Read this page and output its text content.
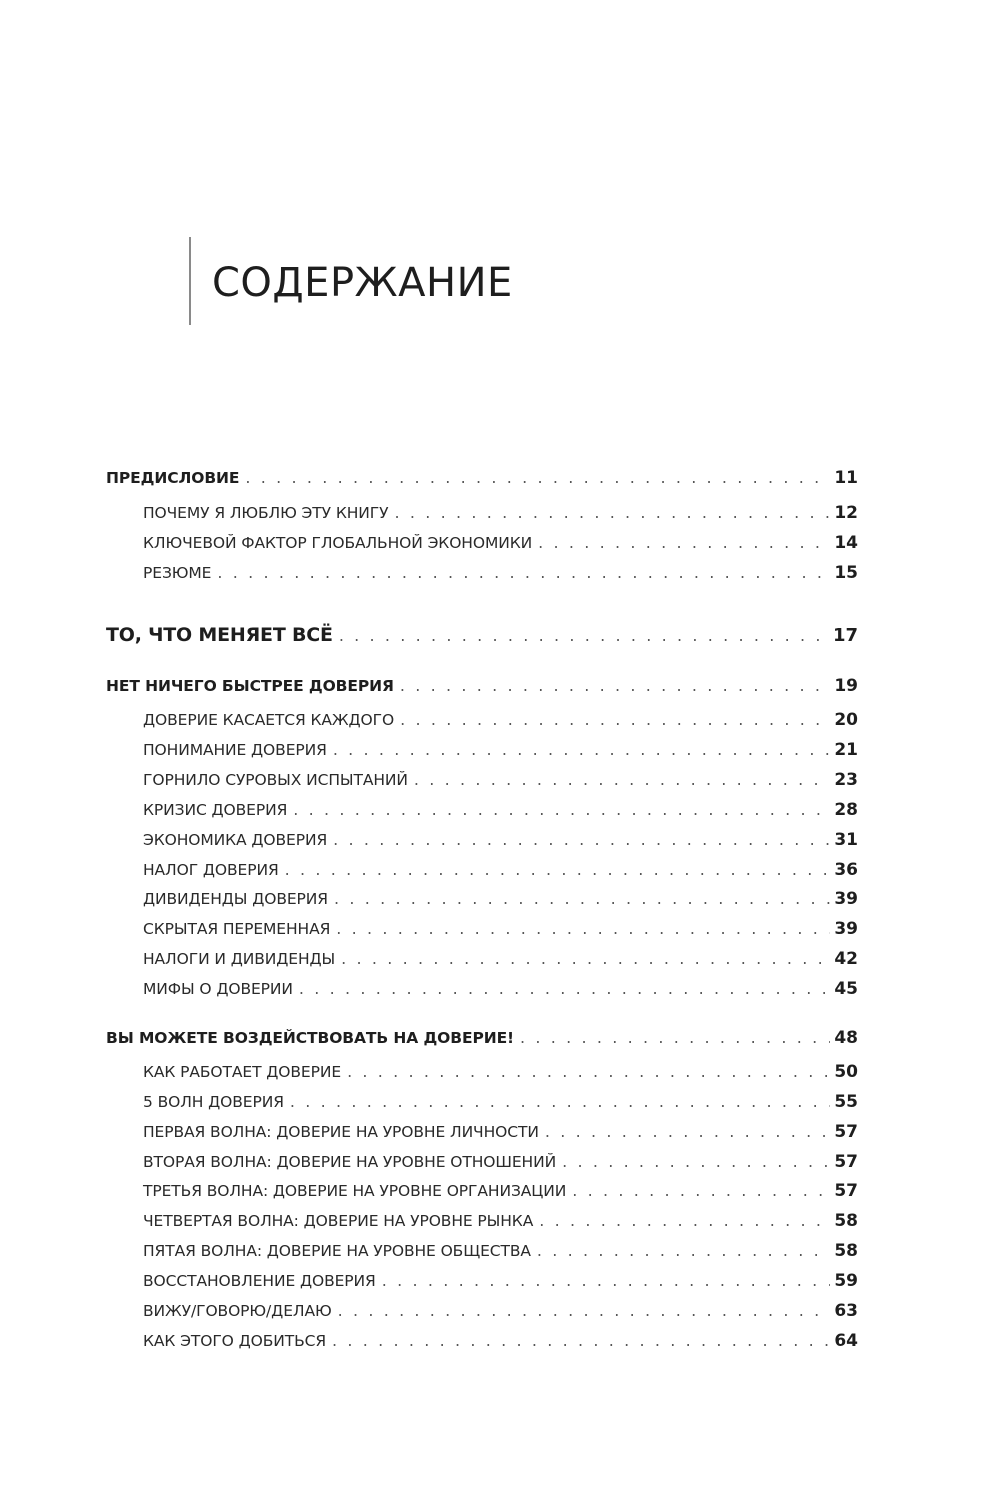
СОДЕРЖАНИЕ
ПРЕДИСЛОВИЕ . . .	11
ПОЧЕМУ Я ЛЮБЛЮ ЭТУ КНИГУ . . .	12
КЛЮЧЕВОЙ ФАКТОР ГЛОБАЛЬНОЙ ЭКОНОМИКИ . . .	14
РЕЗЮМЕ . . .	15
ТО, ЧТО МЕНЯЕТ ВСЁ . . .	17
НЕТ НИЧЕГО БЫСТРЕЕ ДОВЕРИЯ . . .	19
ДОВЕРИЕ КАСАЕТСЯ КАЖДОГО . . .	20
ПОНИМАНИЕ ДОВЕРИЯ . . .	21
ГОРНИЛО СУРОВЫХ ИСПЫТАНИЙ . . .	23
КРИЗИС ДОВЕРИЯ . . .	28
ЭКОНОМИКА ДОВЕРИЯ . . .	31
НАЛОГ ДОВЕРИЯ . . .	36
ДИВИДЕНДЫ ДОВЕРИЯ . . .	39
СКРЫТАЯ ПЕРЕМЕННАЯ . . .	39
НАЛОГИ И ДИВИДЕНДЫ . . .	42
МИФЫ О ДОВЕРИИ . . .	45
ВЫ МОЖЕТЕ ВОЗДЕЙСТВОВАТЬ НА ДОВЕРИЕ! . . .	48
КАК РАБОТАЕТ ДОВЕРИЕ . . .	50
5 ВОЛН ДОВЕРИЯ . . .	55
ПЕРВАЯ ВОЛНА: ДОВЕРИЕ НА УРОВНЕ ЛИЧНОСТИ . . .	57
ВТОРАЯ ВОЛНА: ДОВЕРИЕ НА УРОВНЕ ОТНОШЕНИЙ . . .	57
ТРЕТЬЯ ВОЛНА: ДОВЕРИЕ НА УРОВНЕ ОРГАНИЗАЦИИ . . .	57
ЧЕТВЕРТАЯ ВОЛНА: ДОВЕРИЕ НА УРОВНЕ РЫНКА . . .	58
ПЯТАЯ ВОЛНА: ДОВЕРИЕ НА УРОВНЕ ОБЩЕСТВА . . .	58
ВОССТАНОВЛЕНИЕ ДОВЕРИЯ . . .	59
ВИЖУ/ГОВОРЮ/ДЕЛАЮ . . .	63
КАК ЭТОГО ДОБИТЬСЯ . . .	64
